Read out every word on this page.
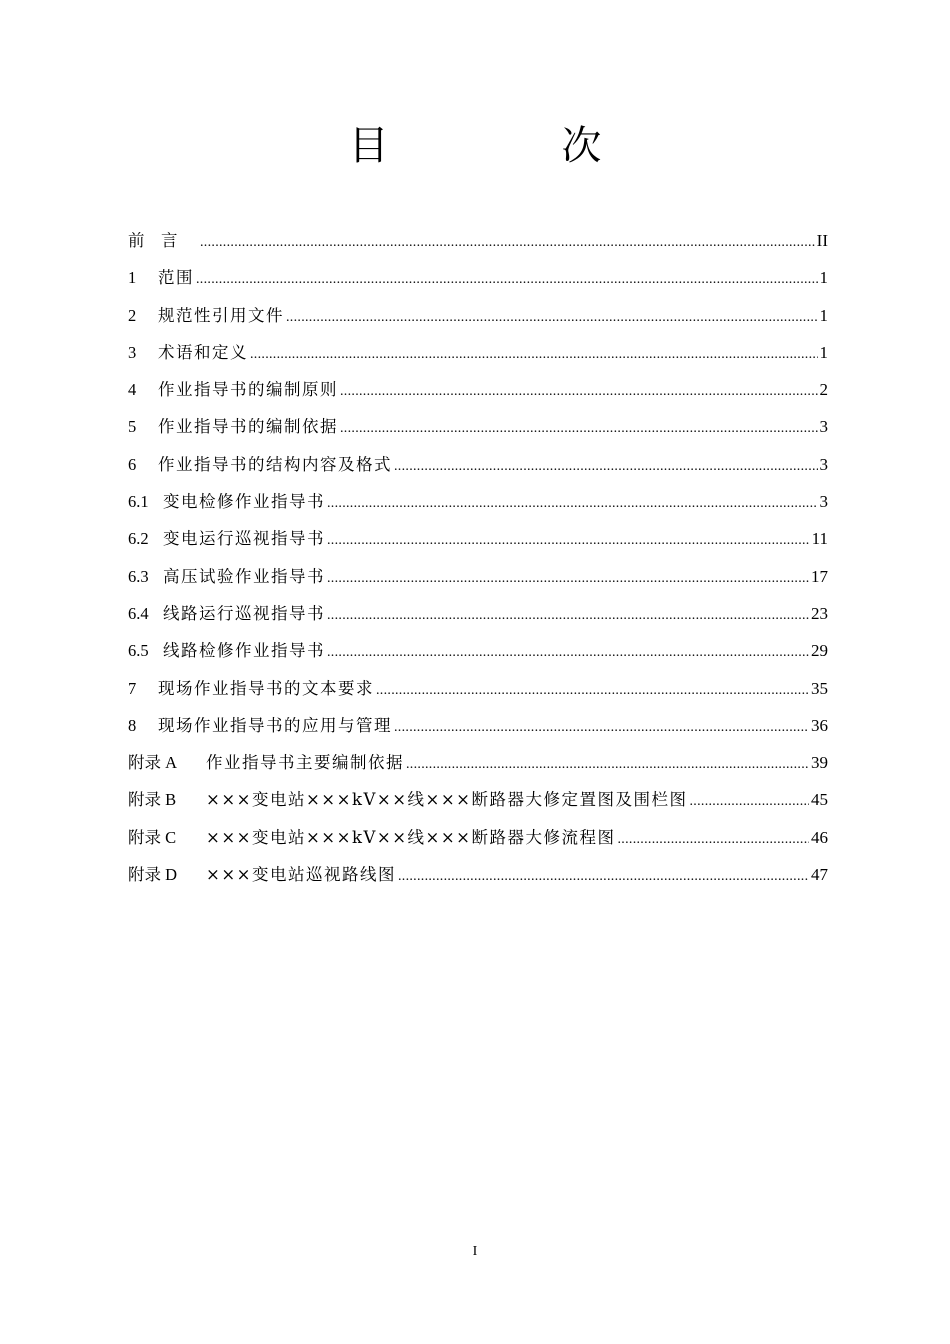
目 次
前　言 .....	II
1 范围 .....	1
2 规范性引用文件 .....	1
3 术语和定义 .....	1
4 作业指导书的编制原则 .....	2
5 作业指导书的编制依据 .....	3
6 作业指导书的结构内容及格式 .....	3
6.1 变电检修作业指导书 .....	3
6.2 变电运行巡视指导书 .....	11
6.3 高压试验作业指导书 .....	17
6.4 线路运行巡视指导书 .....	23
6.5 线路检修作业指导书 .....	29
7 现场作业指导书的文本要求 .....	35
8 现场作业指导书的应用与管理 .....	36
附录 A 作业指导书主要编制依据 .....	39
附录 B ×××变电站×××kV××线×××断路器大修定置图及围栏图 .....	45
附录 C ×××变电站×××kV××线×××断路器大修流程图 .....	46
附录 D ×××变电站巡视路线图 .....	47
I
